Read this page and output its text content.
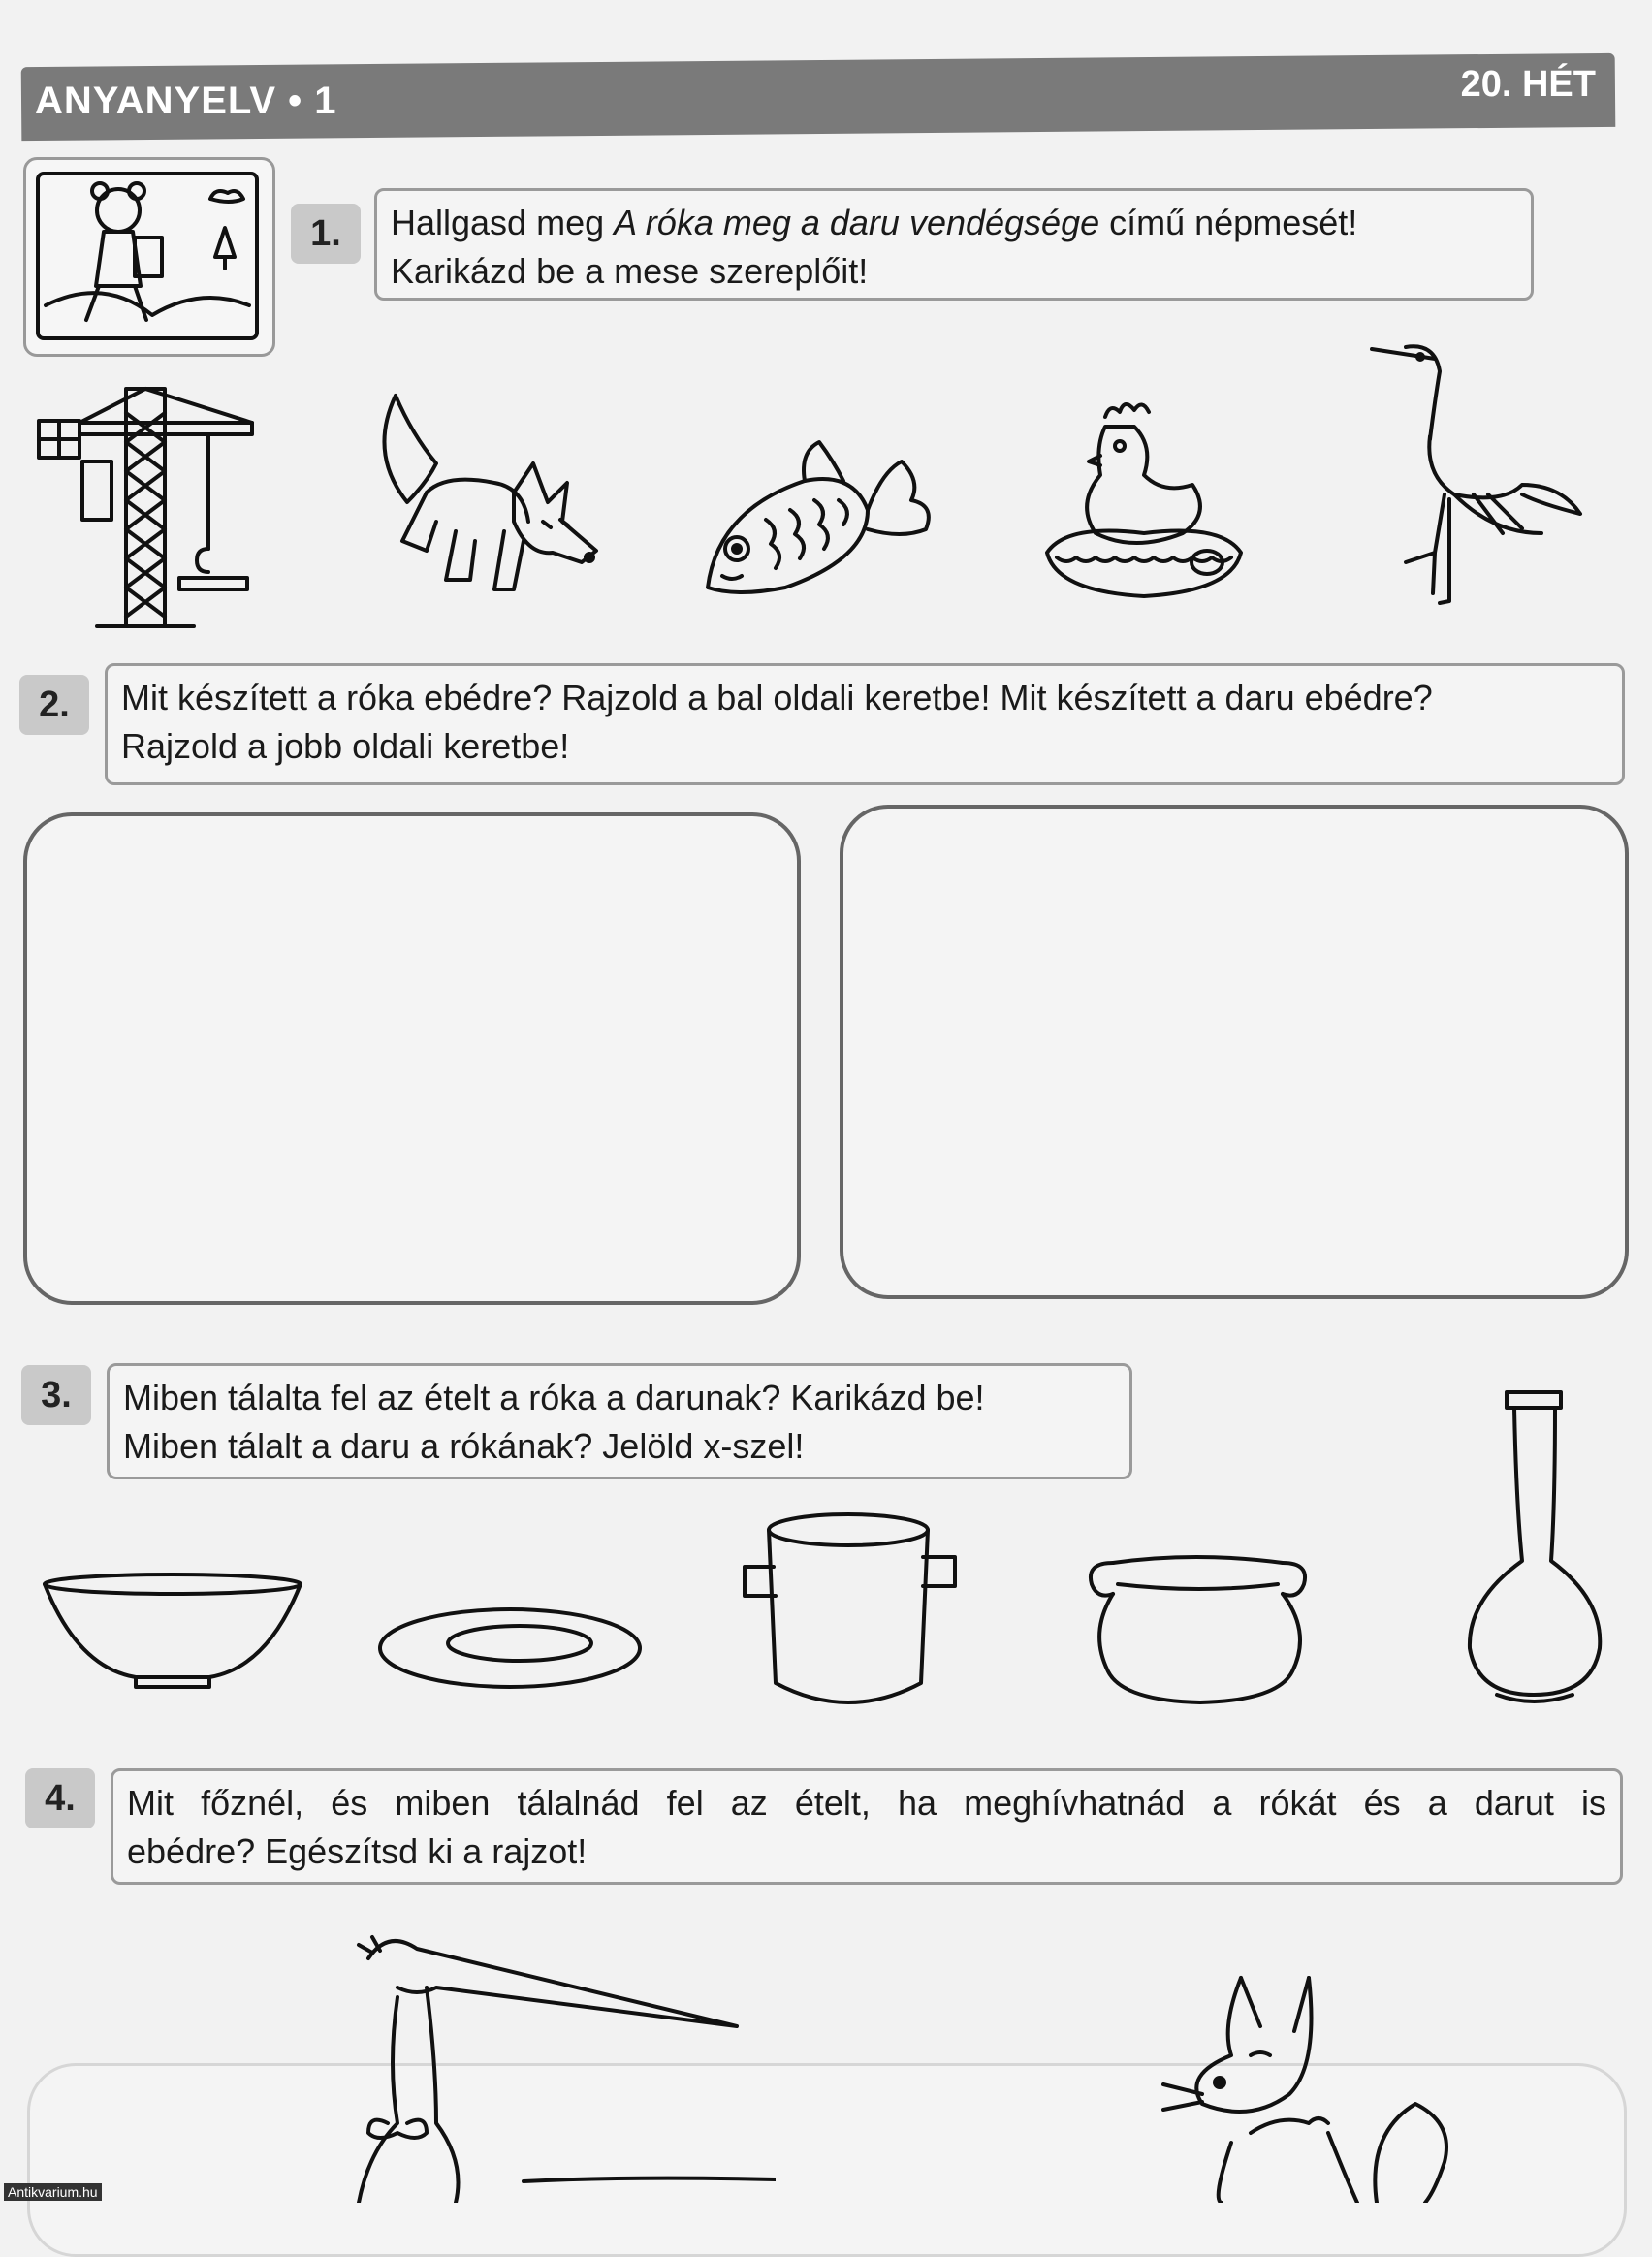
ANYANYELV • 1	20. HÉT
1.	Hallgasd meg A róka meg a daru vendégsége című népmesét!
Karikázd be a mese szereplőit!
2.	Mit készített a róka ebédre? Rajzold a bal oldali keretbe! Mit készített a daru ebédre?
Rajzold a jobb oldali keretbe!
3.	Miben tálalta fel az ételt a róka a darunak? Karikázd be!
Miben tálalt a daru a rókának? Jelöld x-szel!
4.	Mit főznél, és miben tálalnád fel az ételt, ha meghívhatnád a rókát és a darut is
ebédre? Egészítsd ki a rajzot!
Antikvarium.hu
